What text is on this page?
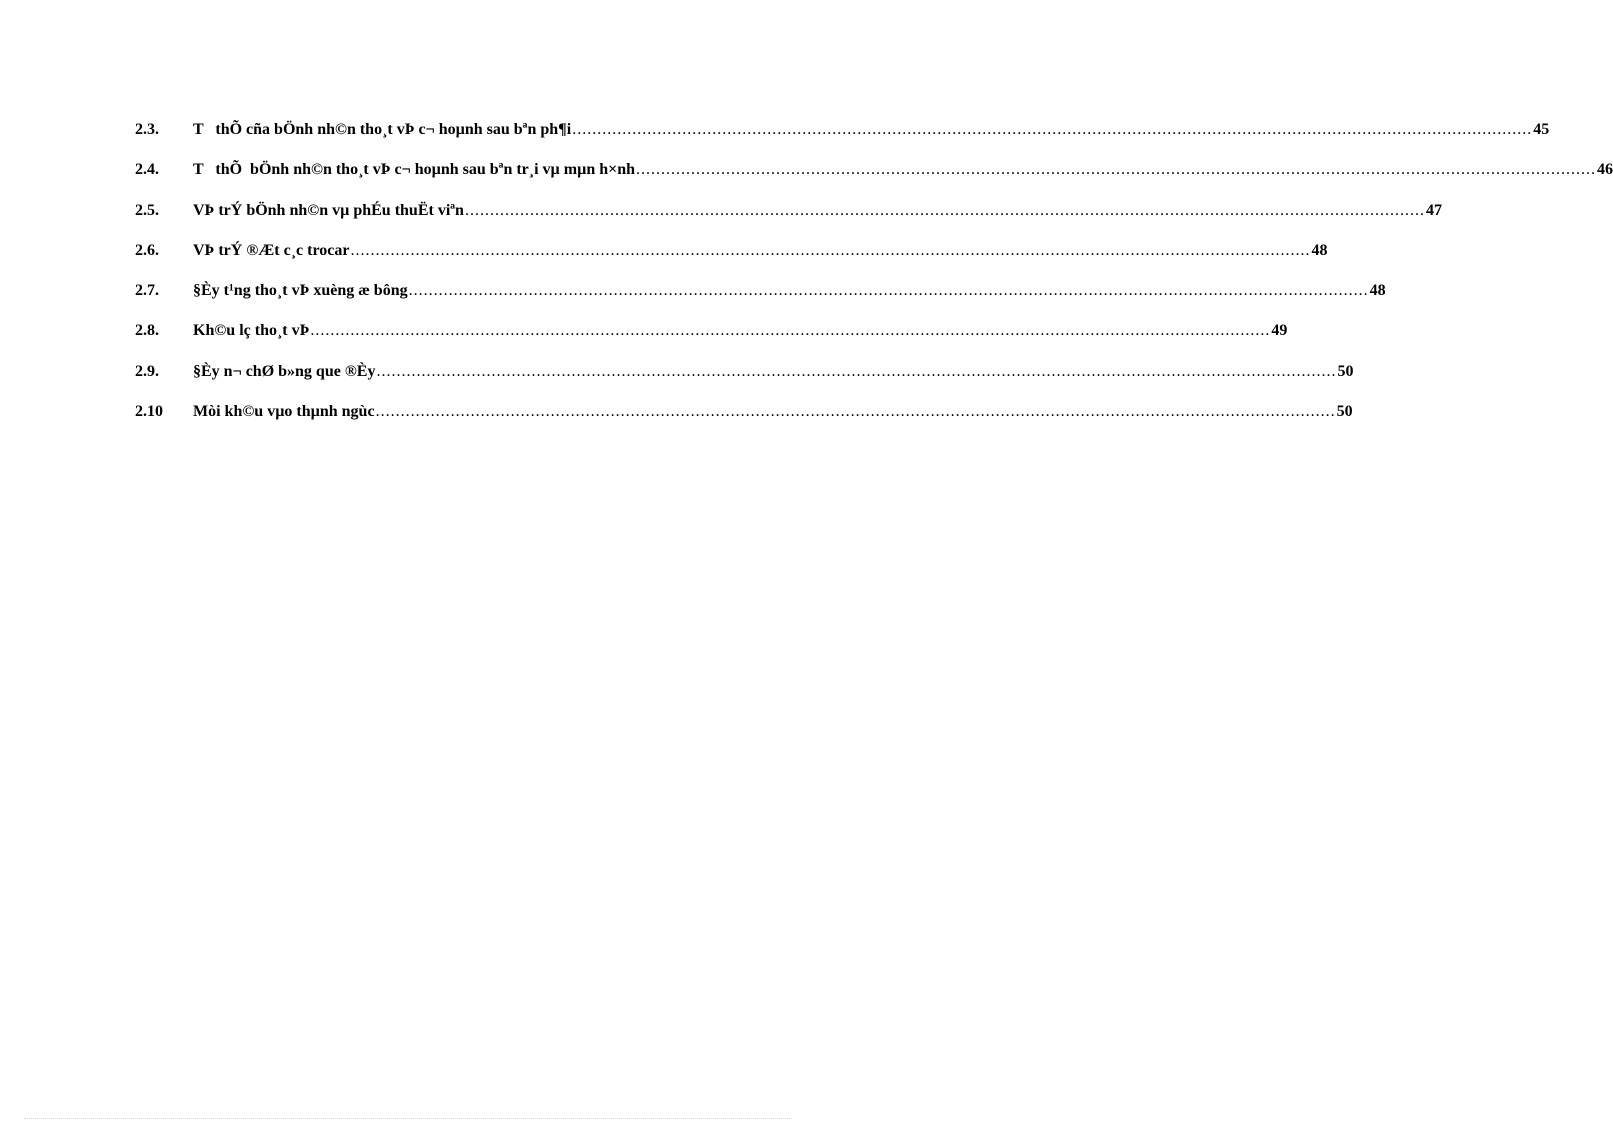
2.3.	T   thÕ cña bÖnh nh©n tho¸t vÞ c¬ hoµnh sau bªn ph¶i .....	45
2.4.	T   thÕ  bÖnh nh©n tho¸t vÞ c¬ hoµnh sau bªn tr¸i vµ mµn h×nh .....	46
2.5.	VÞ trÝ bÖnh nh©n vµ phÉu thuËt viªn .....	47
2.6.	VÞ trÝ ®Æt c¸c trocar .....	48
2.7.	§Èy t¹ng tho¸t vÞ xuèng æ bông .....	48
2.8.	Kh©u lç tho¸t vÞ .....	49
2.9.	§Èy n¬ chØ b»ng que ®Èy .....	50
2.10	Mòi kh©u vµo thµnh ngùc .....	50
